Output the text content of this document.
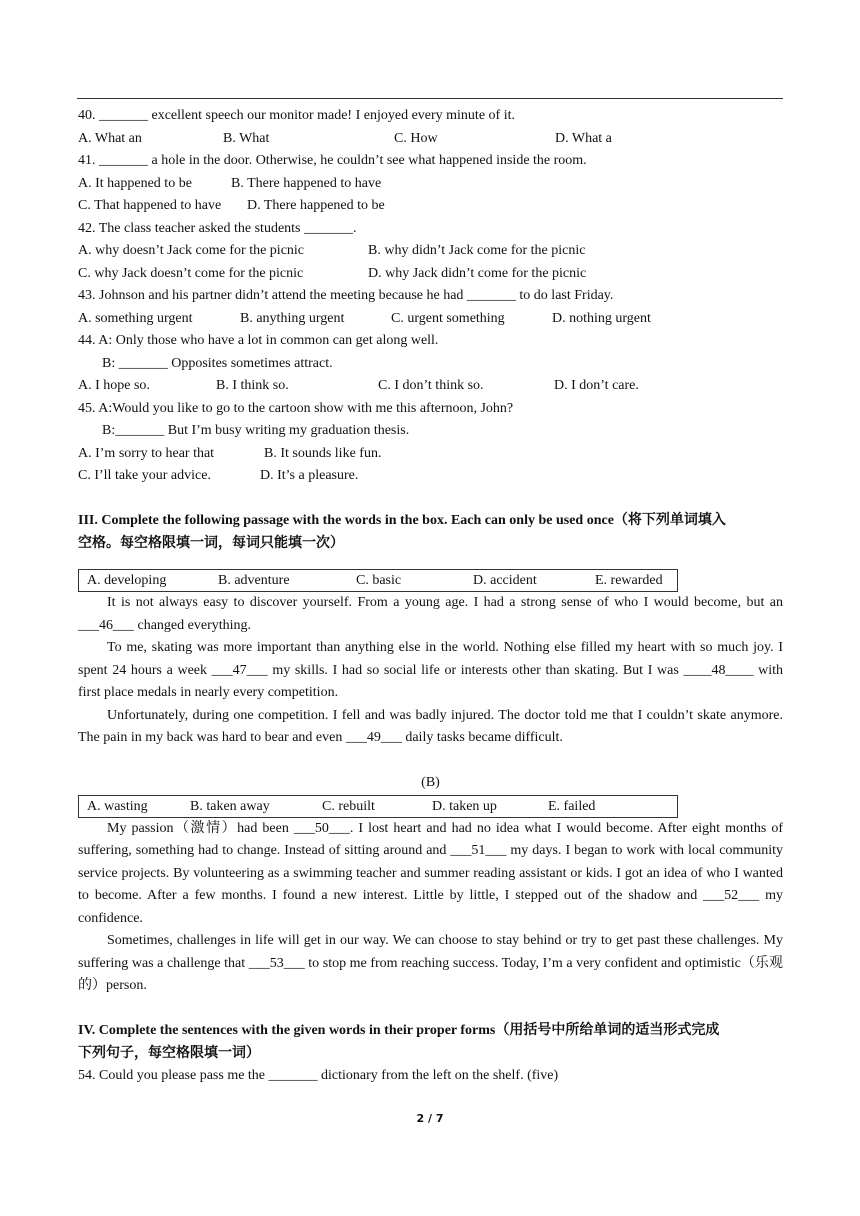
40. _______ excellent speech our monitor made! I enjoyed every minute of it.
A. What an	B. What	C. How	D. What a
41. _______ a hole in the door. Otherwise, he couldn’t see what happened inside the room.
A. It happened to be	B. There happened to have
C. That happened to have D. There happened to be
42. The class teacher asked the students _______.
A. why doesn’t Jack come for the picnic	B. why didn’t Jack come for the picnic
C. why Jack doesn’t come for the picnic	D. why Jack didn’t come for the picnic
43. Johnson and his partner didn’t attend the meeting because he had _______ to do last Friday.
A. something urgent	B. anything urgent	C. urgent something	D. nothing urgent
44. A: Only those who have a lot in common can get along well.
B: _______ Opposites sometimes attract.
A. I hope so.	B. I think so.	C. I don’t think so.	D. I don’t care.
45. A:Would you like to go to the cartoon show with me this afternoon, John?
B:_______ But I’m busy writing my graduation thesis.
A. I’m sorry to hear that	B. It sounds like fun.
C. I’ll take your advice.	D. It’s a pleasure.
III. Complete the following passage with the words in the box. Each can only be used once（将下列单词填入
空格。每空格限填一词，每词只能填一次）
A. developing	B. adventure	C. basic	D. accident	E. rewarded

It is not always easy to discover yourself. From a young age. I had a strong sense of who I would become, but an ___46___ changed everything.

To me, skating was more important than anything else in the world. Nothing else filled my heart with so much joy. I spent 24 hours a week ___47___ my skills. I had so social life or interests other than skating. But I was ____48____ with first place medals in nearly every competition.

Unfortunately, during one competition. I fell and was badly injured. The doctor told me that I couldn’t skate anymore. The pain in my back was hard to bear and even ___49___ daily tasks became difficult.

(B)
A. wasting	B. taken away	C. rebuilt	D. taken up	E. failed

My passion（激情）had been ___50___. I lost heart and had no idea what I would become. After eight months of suffering, something had to change. Instead of sitting around and ___51___ my days. I began to work with local community service projects. By volunteering as a swimming teacher and summer reading assistant or kids. I got an idea of who I wanted to become. After a few months. I found a new interest. Little by little, I stepped out of the shadow and ___52___ my confidence.

Sometimes, challenges in life will get in our way. We can choose to stay behind or try to get past these challenges. My suffering was a challenge that ___53___ to stop me from reaching success. Today, I’m a very confident and optimistic（乐观的）person.

IV. Complete the sentences with the given words in their proper forms（用括号中所给单词的适当形式完成
下列句子，每空格限填一词）
54. Could you please pass me the _______ dictionary from the left on the shelf. (five)
2 / 7
